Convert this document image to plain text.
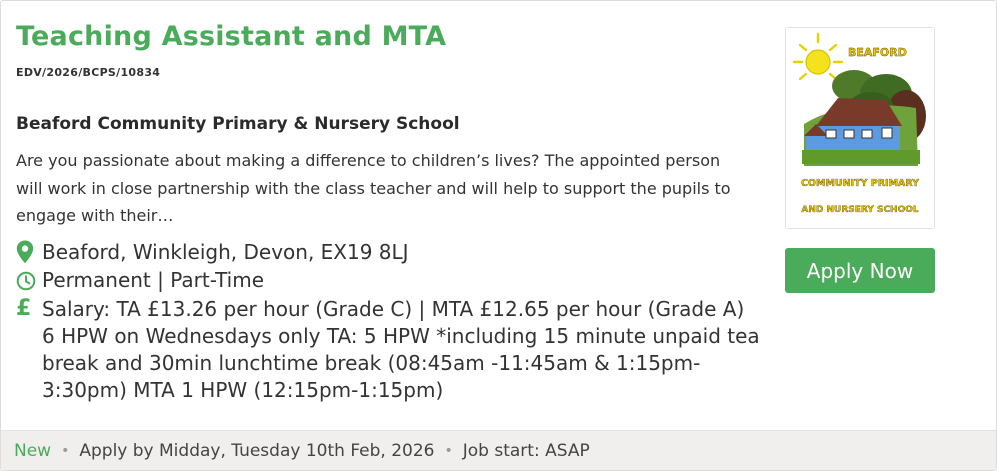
Teaching Assistant and MTA
EDV/2026/BCPS/10834
Beaford Community Primary & Nursery School
Are you passionate about making a difference to children’s lives? The appointed person will work in close partnership with the class teacher and will help to support the pupils to engage with their…
Beaford, Winkleigh, Devon, EX19 8LJ
Permanent | Part-Time
£ Salary: TA £13.26 per hour (Grade C) | MTA £12.65 per hour (Grade A) 6 HPW on Wednesdays only TA: 5 HPW *including 15 minute unpaid tea break and 30min lunchtime break (08:45am -11:45am & 1:15pm-3:30pm) MTA 1 HPW (12:15pm-1:15pm)
BEAFORD
COMMUNITY PRIMARY
AND NURSERY SCHOOL
Apply Now
New • Apply by Midday, Tuesday 10th Feb, 2026 • Job start: ASAP
